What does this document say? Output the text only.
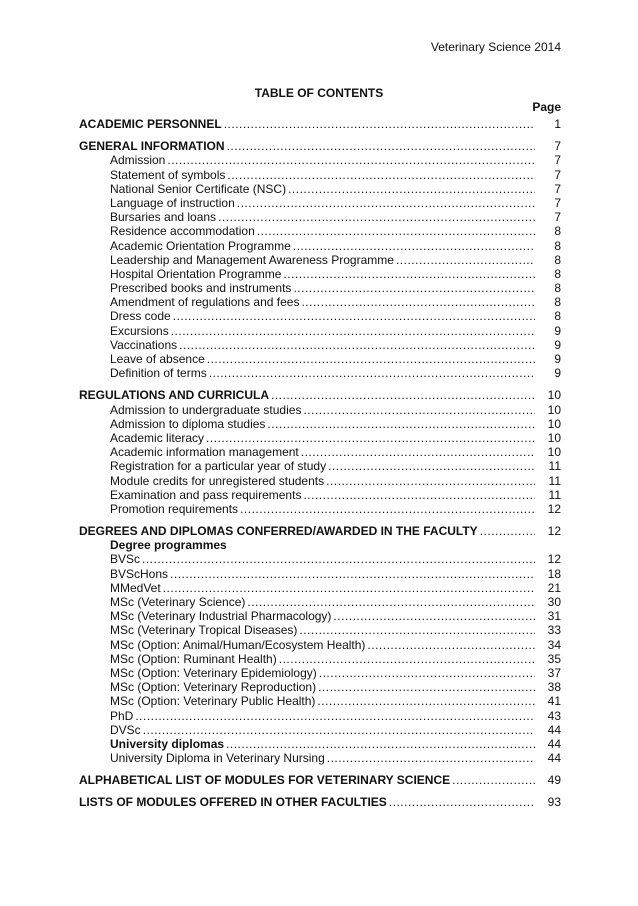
Veterinary Science 2014
TABLE OF CONTENTS
Page
ACADEMIC PERSONNEL .....	1
GENERAL INFORMATION .....	7
Admission .....	7
Statement of symbols .....	7
National Senior Certificate (NSC) .....	7
Language of instruction .....	7
Bursaries and loans .....	7
Residence accommodation .....	8
Academic Orientation Programme .....	8
Leadership and Management Awareness Programme .....	8
Hospital Orientation Programme .....	8
Prescribed books and instruments .....	8
Amendment of regulations and fees .....	8
Dress code .....	8
Excursions .....	9
Vaccinations .....	9
Leave of absence .....	9
Definition of terms .....	9
REGULATIONS AND CURRICULA .....	10
Admission to undergraduate studies .....	10
Admission to diploma studies .....	10
Academic literacy .....	10
Academic information management .....	10
Registration for a particular year of study .....	11
Module credits for unregistered students .....	11
Examination and pass requirements .....	11
Promotion requirements .....	12
DEGREES AND DIPLOMAS CONFERRED/AWARDED IN THE FACULTY .....	12
Degree programmes
BVSc .....	12
BVScHons .....	18
MMedVet .....	21
MSc (Veterinary Science) .....	30
MSc (Veterinary Industrial Pharmacology) .....	31
MSc (Veterinary Tropical Diseases) .....	33
MSc (Option: Animal/Human/Ecosystem Health) .....	34
MSc (Option: Ruminant Health) .....	35
MSc (Option: Veterinary Epidemiology) .....	37
MSc (Option: Veterinary Reproduction) .....	38
MSc (Option: Veterinary Public Health) .....	41
PhD .....	43
DVSc .....	44
University diplomas .....	44
University Diploma in Veterinary Nursing .....	44
ALPHABETICAL LIST OF MODULES FOR VETERINARY SCIENCE .....	49
LISTS OF MODULES OFFERED IN OTHER FACULTIES .....	93
